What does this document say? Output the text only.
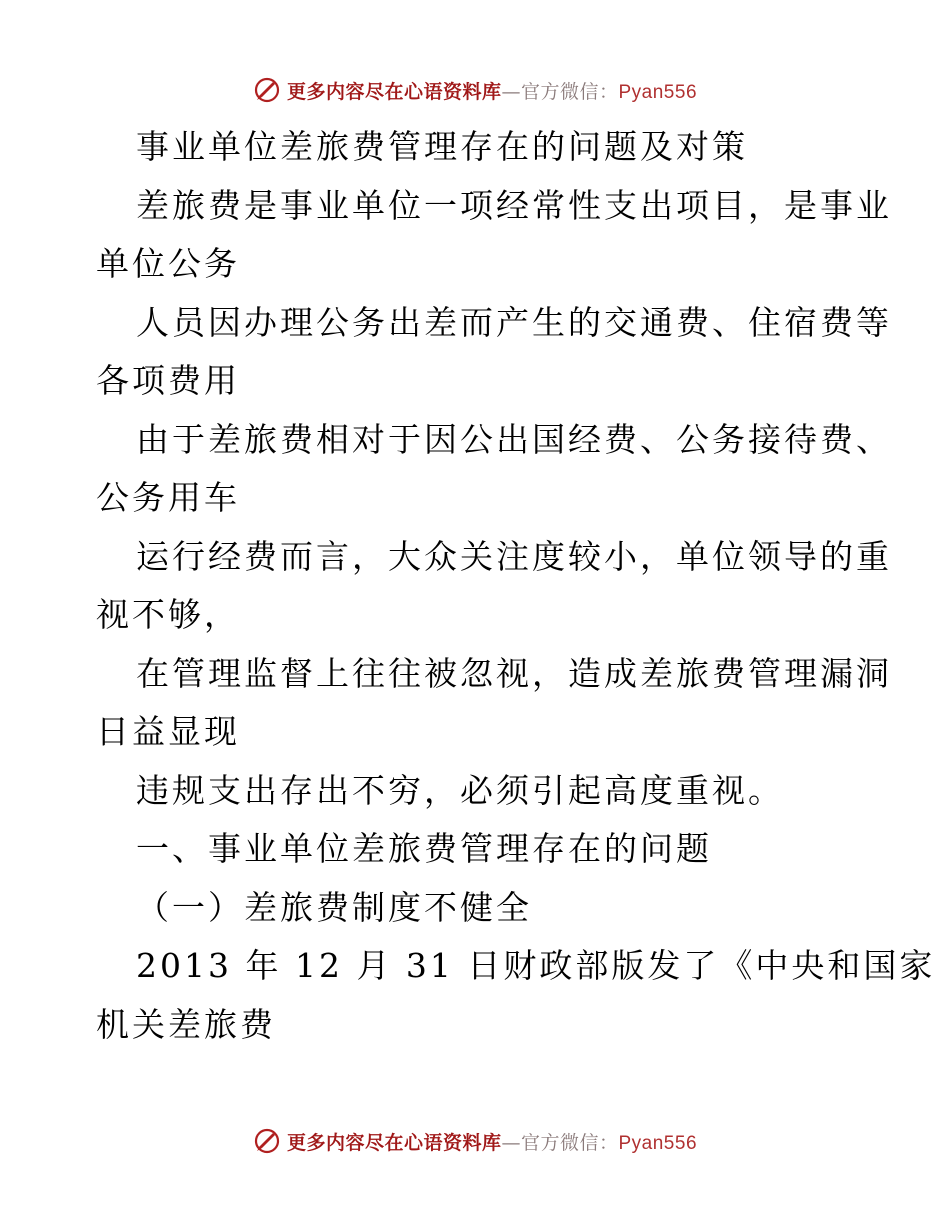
更多内容尽在心语资料库—官方微信：Pyan556
事业单位差旅费管理存在的问题及对策
差旅费是事业单位一项经常性支出项目，是事业
单位公务
人员因办理公务出差而产生的交通费、住宿费等
各项费用
由于差旅费相对于因公出国经费、公务接待费、
公务用车
运行经费而言，大众关注度较小，单位领导的重
视不够，
在管理监督上往往被忽视，造成差旅费管理漏洞
日益显现
违规支出存出不穷，必须引起高度重视。
一、事业单位差旅费管理存在的问题
（一）差旅费制度不健全
2013 年 12 月 31 日财政部版发了《中央和国家
机关差旅费
更多内容尽在心语资料库—官方微信：Pyan556
